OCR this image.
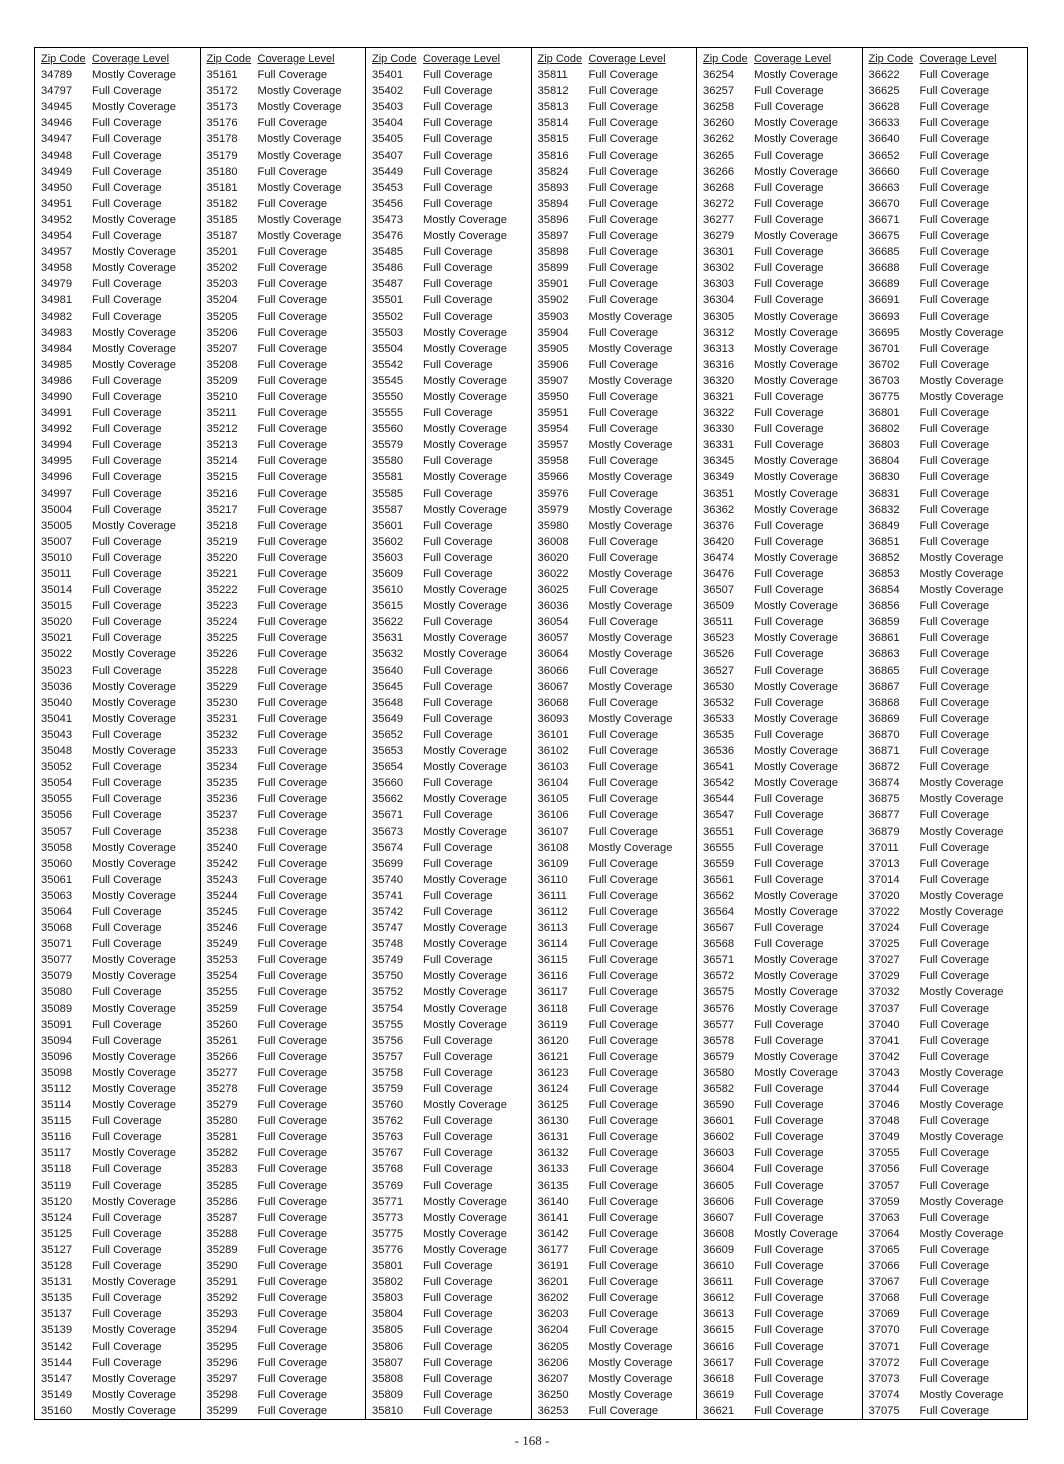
Zip Code Coverage Level
34789	Mostly Coverage
34797	Full Coverage
34945	Mostly Coverage
34946	Full Coverage
34947	Full Coverage
34948	Full Coverage
34949	Full Coverage
34950	Full Coverage
34951	Full Coverage
34952	Mostly Coverage
34954	Full Coverage
34957	Mostly Coverage
34958	Mostly Coverage
34979	Full Coverage
34981	Full Coverage
34982	Full Coverage
34983	Mostly Coverage
34984	Mostly Coverage
34985	Mostly Coverage
34986	Full Coverage
34990	Full Coverage
34991	Full Coverage
34992	Full Coverage
34994	Full Coverage
34995	Full Coverage
34996	Full Coverage
34997	Full Coverage
35004	Full Coverage
35005	Mostly Coverage
35007	Full Coverage
35010	Full Coverage
35011	Full Coverage
35014	Full Coverage
35015	Full Coverage
35020	Full Coverage
35021	Full Coverage
35022	Mostly Coverage
35023	Full Coverage
35036	Mostly Coverage
35040	Mostly Coverage
35041	Mostly Coverage
35043	Full Coverage
35048	Mostly Coverage
35052	Full Coverage
35054	Full Coverage
35055	Full Coverage
35056	Full Coverage
35057	Full Coverage
35058	Mostly Coverage
35060	Mostly Coverage
35061	Full Coverage
35063	Mostly Coverage
35064	Full Coverage
35068	Full Coverage
35071	Full Coverage
35077	Mostly Coverage
35079	Mostly Coverage
35080	Full Coverage
35089	Mostly Coverage
35091	Full Coverage
35094	Full Coverage
35096	Mostly Coverage
35098	Mostly Coverage
35112	Mostly Coverage
35114	Mostly Coverage
35115	Full Coverage
35116	Full Coverage
35117	Mostly Coverage
35118	Full Coverage
35119	Full Coverage
35120	Mostly Coverage
35124	Full Coverage
35125	Full Coverage
35127	Full Coverage
35128	Full Coverage
35131	Mostly Coverage
35135	Full Coverage
35137	Full Coverage
35139	Mostly Coverage
35142	Full Coverage
35144	Full Coverage
35147	Mostly Coverage
35149	Mostly Coverage
35160	Mostly Coverage
Zip Code Coverage Level
35161	Full Coverage
35172	Mostly Coverage
35173	Mostly Coverage
35176	Full Coverage
35178	Mostly Coverage
35179	Mostly Coverage
35180	Full Coverage
35181	Mostly Coverage
35182	Full Coverage
35185	Mostly Coverage
35187	Mostly Coverage
35201	Full Coverage
35202	Full Coverage
35203	Full Coverage
35204	Full Coverage
35205	Full Coverage
35206	Full Coverage
35207	Full Coverage
35208	Full Coverage
35209	Full Coverage
35210	Full Coverage
35211	Full Coverage
35212	Full Coverage
35213	Full Coverage
35214	Full Coverage
35215	Full Coverage
35216	Full Coverage
35217	Full Coverage
35218	Full Coverage
35219	Full Coverage
35220	Full Coverage
35221	Full Coverage
35222	Full Coverage
35223	Full Coverage
35224	Full Coverage
35225	Full Coverage
35226	Full Coverage
35228	Full Coverage
35229	Full Coverage
35230	Full Coverage
35231	Full Coverage
35232	Full Coverage
35233	Full Coverage
35234	Full Coverage
35235	Full Coverage
35236	Full Coverage
35237	Full Coverage
35238	Full Coverage
35240	Full Coverage
35242	Full Coverage
35243	Full Coverage
35244	Full Coverage
35245	Full Coverage
35246	Full Coverage
35249	Full Coverage
35253	Full Coverage
35254	Full Coverage
35255	Full Coverage
35259	Full Coverage
35260	Full Coverage
35261	Full Coverage
35266	Full Coverage
35277	Full Coverage
35278	Full Coverage
35279	Full Coverage
35280	Full Coverage
35281	Full Coverage
35282	Full Coverage
35283	Full Coverage
35285	Full Coverage
35286	Full Coverage
35287	Full Coverage
35288	Full Coverage
35289	Full Coverage
35290	Full Coverage
35291	Full Coverage
35292	Full Coverage
35293	Full Coverage
35294	Full Coverage
35295	Full Coverage
35296	Full Coverage
35297	Full Coverage
35298	Full Coverage
35299	Full Coverage
Zip Code Coverage Level
35401	Full Coverage
35402	Full Coverage
35403	Full Coverage
35404	Full Coverage
35405	Full Coverage
35407	Full Coverage
35449	Full Coverage
35453	Full Coverage
35456	Full Coverage
35473	Mostly Coverage
35476	Mostly Coverage
35485	Full Coverage
35486	Full Coverage
35487	Full Coverage
35501	Full Coverage
35502	Full Coverage
35503	Mostly Coverage
35504	Mostly Coverage
35542	Full Coverage
35545	Mostly Coverage
35550	Mostly Coverage
35555	Full Coverage
35560	Mostly Coverage
35579	Mostly Coverage
35580	Full Coverage
35581	Mostly Coverage
35585	Full Coverage
35587	Mostly Coverage
35601	Full Coverage
35602	Full Coverage
35603	Full Coverage
35609	Full Coverage
35610	Mostly Coverage
35615	Mostly Coverage
35622	Full Coverage
35631	Mostly Coverage
35632	Mostly Coverage
35640	Full Coverage
35645	Full Coverage
35648	Full Coverage
35649	Full Coverage
35652	Full Coverage
35653	Mostly Coverage
35654	Mostly Coverage
35660	Full Coverage
35662	Mostly Coverage
35671	Full Coverage
35673	Mostly Coverage
35674	Full Coverage
35699	Full Coverage
35740	Mostly Coverage
35741	Full Coverage
35742	Full Coverage
35747	Mostly Coverage
35748	Mostly Coverage
35749	Full Coverage
35750	Mostly Coverage
35752	Mostly Coverage
35754	Mostly Coverage
35755	Mostly Coverage
35756	Full Coverage
35757	Full Coverage
35758	Full Coverage
35759	Full Coverage
35760	Mostly Coverage
35762	Full Coverage
35763	Full Coverage
35767	Full Coverage
35768	Full Coverage
35769	Full Coverage
35771	Mostly Coverage
35773	Mostly Coverage
35775	Mostly Coverage
35776	Mostly Coverage
35801	Full Coverage
35802	Full Coverage
35803	Full Coverage
35804	Full Coverage
35805	Full Coverage
35806	Full Coverage
35807	Full Coverage
35808	Full Coverage
35809	Full Coverage
35810	Full Coverage
Zip Code Coverage Level
35811	Full Coverage
35812	Full Coverage
35813	Full Coverage
35814	Full Coverage
35815	Full Coverage
35816	Full Coverage
35824	Full Coverage
35893	Full Coverage
35894	Full Coverage
35896	Full Coverage
35897	Full Coverage
35898	Full Coverage
35899	Full Coverage
35901	Full Coverage
35902	Full Coverage
35903	Mostly Coverage
35904	Full Coverage
35905	Mostly Coverage
35906	Full Coverage
35907	Mostly Coverage
35950	Full Coverage
35951	Full Coverage
35954	Full Coverage
35957	Mostly Coverage
35958	Full Coverage
35966	Mostly Coverage
35976	Full Coverage
35979	Mostly Coverage
35980	Mostly Coverage
36008	Full Coverage
36020	Full Coverage
36022	Mostly Coverage
36025	Full Coverage
36036	Mostly Coverage
36054	Full Coverage
36057	Mostly Coverage
36064	Mostly Coverage
36066	Full Coverage
36067	Mostly Coverage
36068	Full Coverage
36093	Mostly Coverage
36101	Full Coverage
36102	Full Coverage
36103	Full Coverage
36104	Full Coverage
36105	Full Coverage
36106	Full Coverage
36107	Full Coverage
36108	Mostly Coverage
36109	Full Coverage
36110	Full Coverage
36111	Full Coverage
36112	Full Coverage
36113	Full Coverage
36114	Full Coverage
36115	Full Coverage
36116	Full Coverage
36117	Full Coverage
36118	Full Coverage
36119	Full Coverage
36120	Full Coverage
36121	Full Coverage
36123	Full Coverage
36124	Full Coverage
36125	Full Coverage
36130	Full Coverage
36131	Full Coverage
36132	Full Coverage
36133	Full Coverage
36135	Full Coverage
36140	Full Coverage
36141	Full Coverage
36142	Full Coverage
36177	Full Coverage
36191	Full Coverage
36201	Full Coverage
36202	Full Coverage
36203	Full Coverage
36204	Full Coverage
36205	Mostly Coverage
36206	Mostly Coverage
36207	Mostly Coverage
36250	Mostly Coverage
36253	Full Coverage
Zip Code Coverage Level
36254	Mostly Coverage
36257	Full Coverage
36258	Full Coverage
36260	Mostly Coverage
36262	Mostly Coverage
36265	Full Coverage
36266	Mostly Coverage
36268	Full Coverage
36272	Full Coverage
36277	Full Coverage
36279	Mostly Coverage
36301	Full Coverage
36302	Full Coverage
36303	Full Coverage
36304	Full Coverage
36305	Mostly Coverage
36312	Mostly Coverage
36313	Mostly Coverage
36316	Mostly Coverage
36320	Mostly Coverage
36321	Full Coverage
36322	Full Coverage
36330	Full Coverage
36331	Full Coverage
36345	Mostly Coverage
36349	Mostly Coverage
36351	Mostly Coverage
36362	Mostly Coverage
36376	Full Coverage
36420	Full Coverage
36474	Mostly Coverage
36476	Full Coverage
36507	Full Coverage
36509	Mostly Coverage
36511	Full Coverage
36523	Mostly Coverage
36526	Full Coverage
36527	Full Coverage
36530	Mostly Coverage
36532	Full Coverage
36533	Mostly Coverage
36535	Full Coverage
36536	Mostly Coverage
36541	Mostly Coverage
36542	Mostly Coverage
36544	Full Coverage
36547	Full Coverage
36551	Full Coverage
36555	Full Coverage
36559	Full Coverage
36561	Full Coverage
36562	Mostly Coverage
36564	Mostly Coverage
36567	Full Coverage
36568	Full Coverage
36571	Mostly Coverage
36572	Mostly Coverage
36575	Mostly Coverage
36576	Mostly Coverage
36577	Full Coverage
36578	Full Coverage
36579	Mostly Coverage
36580	Mostly Coverage
36582	Full Coverage
36590	Full Coverage
36601	Full Coverage
36602	Full Coverage
36603	Full Coverage
36604	Full Coverage
36605	Full Coverage
36606	Full Coverage
36607	Full Coverage
36608	Mostly Coverage
36609	Full Coverage
36610	Full Coverage
36611	Full Coverage
36612	Full Coverage
36613	Full Coverage
36615	Full Coverage
36616	Full Coverage
36617	Full Coverage
36618	Full Coverage
36619	Full Coverage
36621	Full Coverage
Zip Code Coverage Level
36622	Full Coverage
36625	Full Coverage
36628	Full Coverage
36633	Full Coverage
36640	Full Coverage
36652	Full Coverage
36660	Full Coverage
36663	Full Coverage
36670	Full Coverage
36671	Full Coverage
36675	Full Coverage
36685	Full Coverage
36688	Full Coverage
36689	Full Coverage
36691	Full Coverage
36693	Full Coverage
36695	Mostly Coverage
36701	Full Coverage
36702	Full Coverage
36703	Mostly Coverage
36775	Mostly Coverage
36801	Full Coverage
36802	Full Coverage
36803	Full Coverage
36804	Full Coverage
36830	Full Coverage
36831	Full Coverage
36832	Full Coverage
36849	Full Coverage
36851	Full Coverage
36852	Mostly Coverage
36853	Mostly Coverage
36854	Mostly Coverage
36856	Full Coverage
36859	Full Coverage
36861	Full Coverage
36863	Full Coverage
36865	Full Coverage
36867	Full Coverage
36868	Full Coverage
36869	Full Coverage
36870	Full Coverage
36871	Full Coverage
36872	Full Coverage
36874	Mostly Coverage
36875	Mostly Coverage
36877	Full Coverage
36879	Mostly Coverage
37011	Full Coverage
37013	Full Coverage
37014	Full Coverage
37020	Mostly Coverage
37022	Mostly Coverage
37024	Full Coverage
37025	Full Coverage
37027	Full Coverage
37029	Full Coverage
37032	Mostly Coverage
37037	Full Coverage
37040	Full Coverage
37041	Full Coverage
37042	Full Coverage
37043	Mostly Coverage
37044	Full Coverage
37046	Mostly Coverage
37048	Full Coverage
37049	Mostly Coverage
37055	Full Coverage
37056	Full Coverage
37057	Full Coverage
37059	Mostly Coverage
37063	Full Coverage
37064	Mostly Coverage
37065	Full Coverage
37066	Full Coverage
37067	Full Coverage
37068	Full Coverage
37069	Full Coverage
37070	Full Coverage
37071	Full Coverage
37072	Full Coverage
37073	Full Coverage
37074	Mostly Coverage
37075	Full Coverage
- 168 -
